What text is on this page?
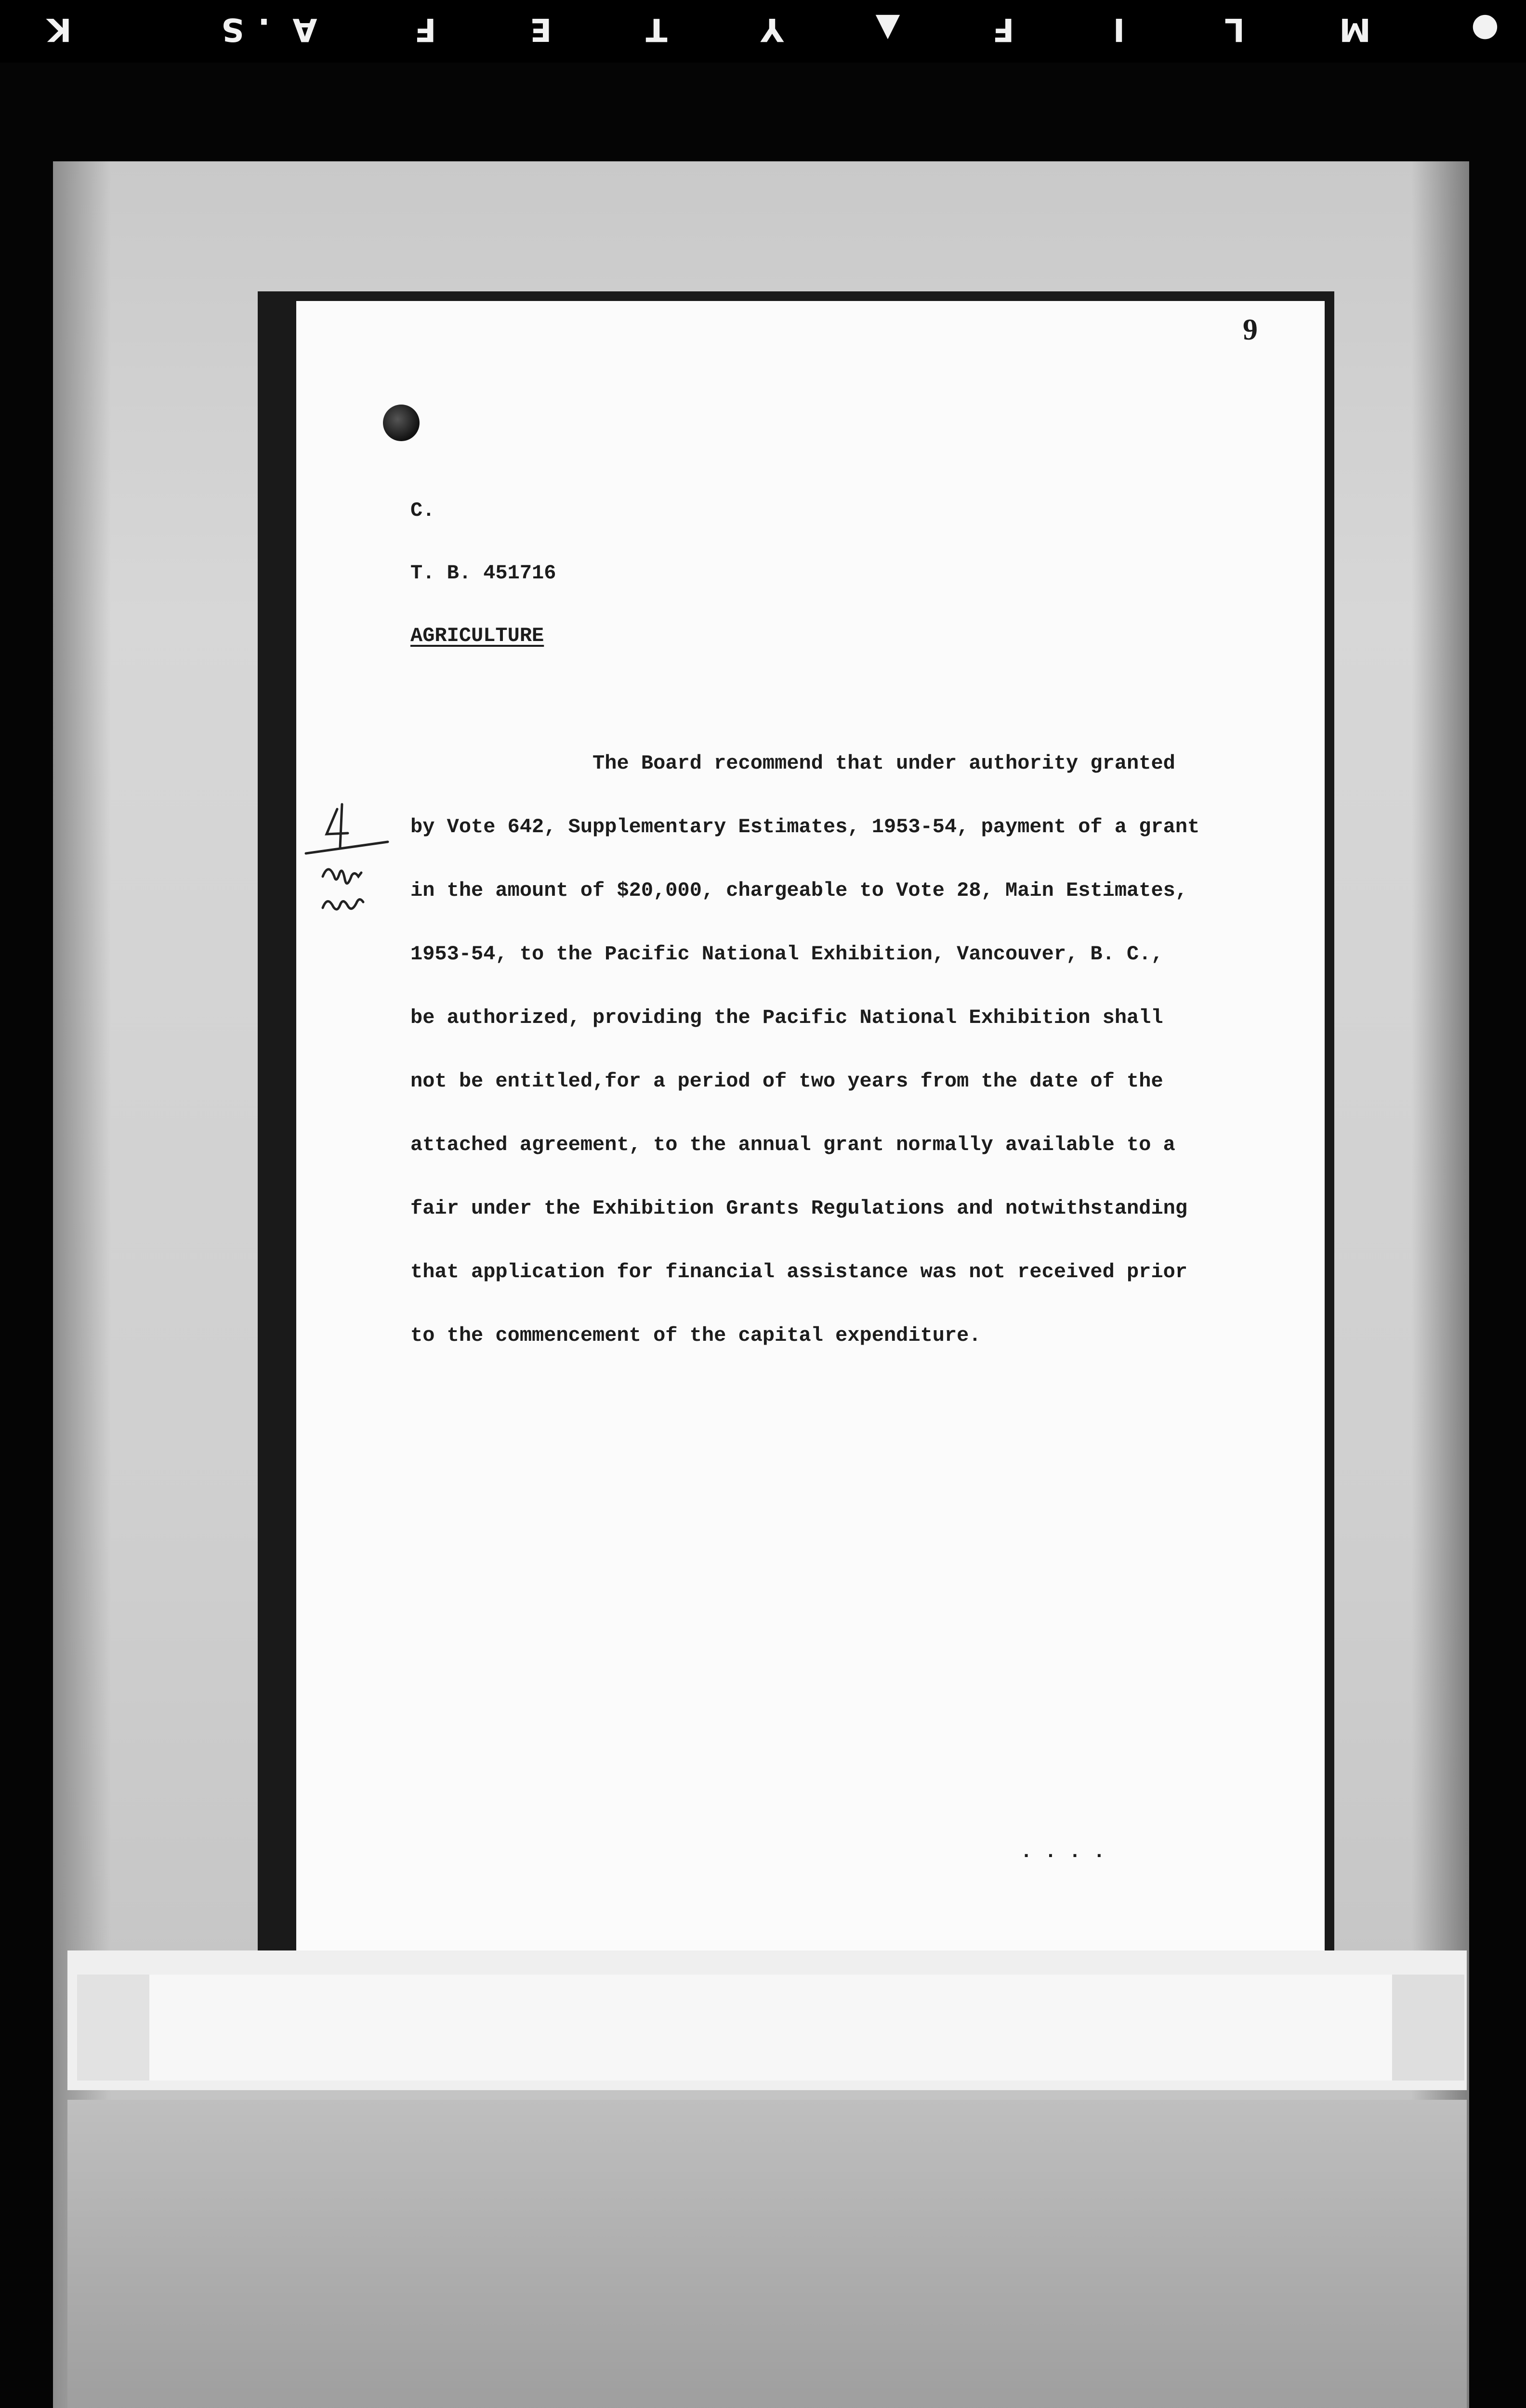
K	S . A	F	E	T	Y	▲	F	I	L	M	●
9
C.
T. B. 451716
AGRICULTURE
The Board recommend that under authority granted
by Vote 642, Supplementary Estimates, 1953-54, payment of a grant
in the amount of $20,000, chargeable to Vote 28, Main Estimates,
1953-54, to the Pacific National Exhibition, Vancouver, B. C.,
be authorized, providing the Pacific National Exhibition shall
not be entitled,for a period of two years from the date of the
attached agreement, to the annual grant normally available to a
fair under the Exhibition Grants Regulations and notwithstanding
that application for financial assistance was not received prior
to the commencement of the capital expenditure.
. . . .
